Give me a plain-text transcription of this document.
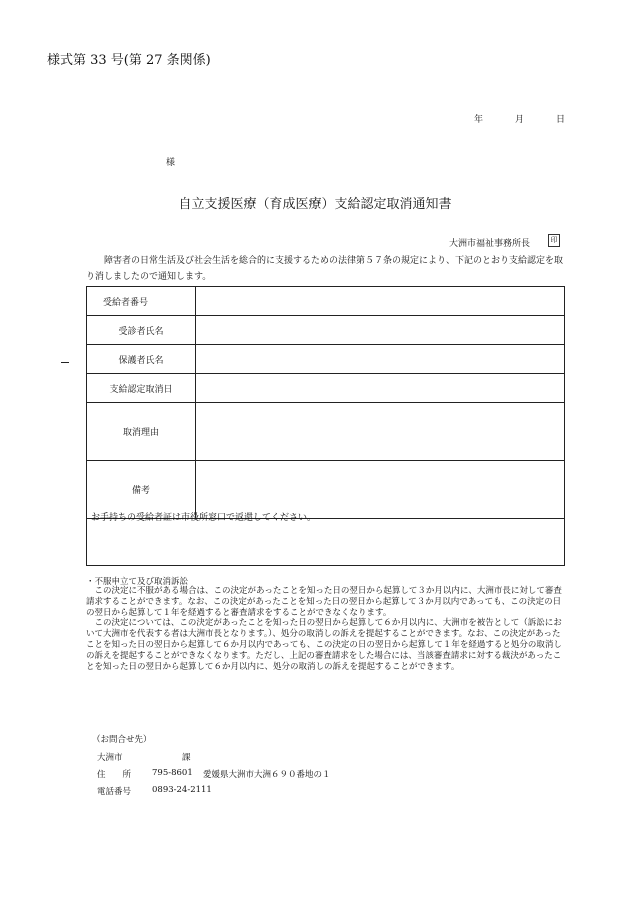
様式第 33 号(第 27 条関係)
年	月	日
様
自立支援医療（育成医療）支給認定取消通知書
大洲市福祉事務所長	印
障害者の日常生活及び社会生活を総合的に支援するための法律第５７条の規定により、下記のとおり支給認定を取り消しましたので通知します。
受給者番号	

受診者氏名	

保護者氏名	

支給認定取消日	

取消理由	

備考	

お手持ちの受給者証は市役所窓口で返還してください。
・不服申立て及び取消訴訟

この決定に不服がある場合は、この決定があったことを知った日の翌日から起算して３か月以内に、大洲市長に対して審査請求することができます。なお、この決定があったことを知った日の翌日から起算して３か月以内であっても、この決定の日の翌日から起算して１年を経過すると審査請求をすることができなくなります。

この決定については、この決定があったことを知った日の翌日から起算して６か月以内に、大洲市を被告として（訴訟において大洲市を代表する者は大洲市長となります。）、処分の取消しの訴えを提起することができます。なお、この決定があったことを知った日の翌日から起算して６か月以内であっても、この決定の日の翌日から起算して１年を経過すると処分の取消しの訴えを提起することができなくなります。ただし、上記の審査請求をした場合には、当該審査請求に対する裁決があったことを知った日の翌日から起算して６か月以内に、処分の取消しの訴えを提起することができます。

（お問合せ先）
大洲市	課
住　　所 795-8601 愛媛県大洲市大洲６９０番地の１
電話番号 0893-24-2111
